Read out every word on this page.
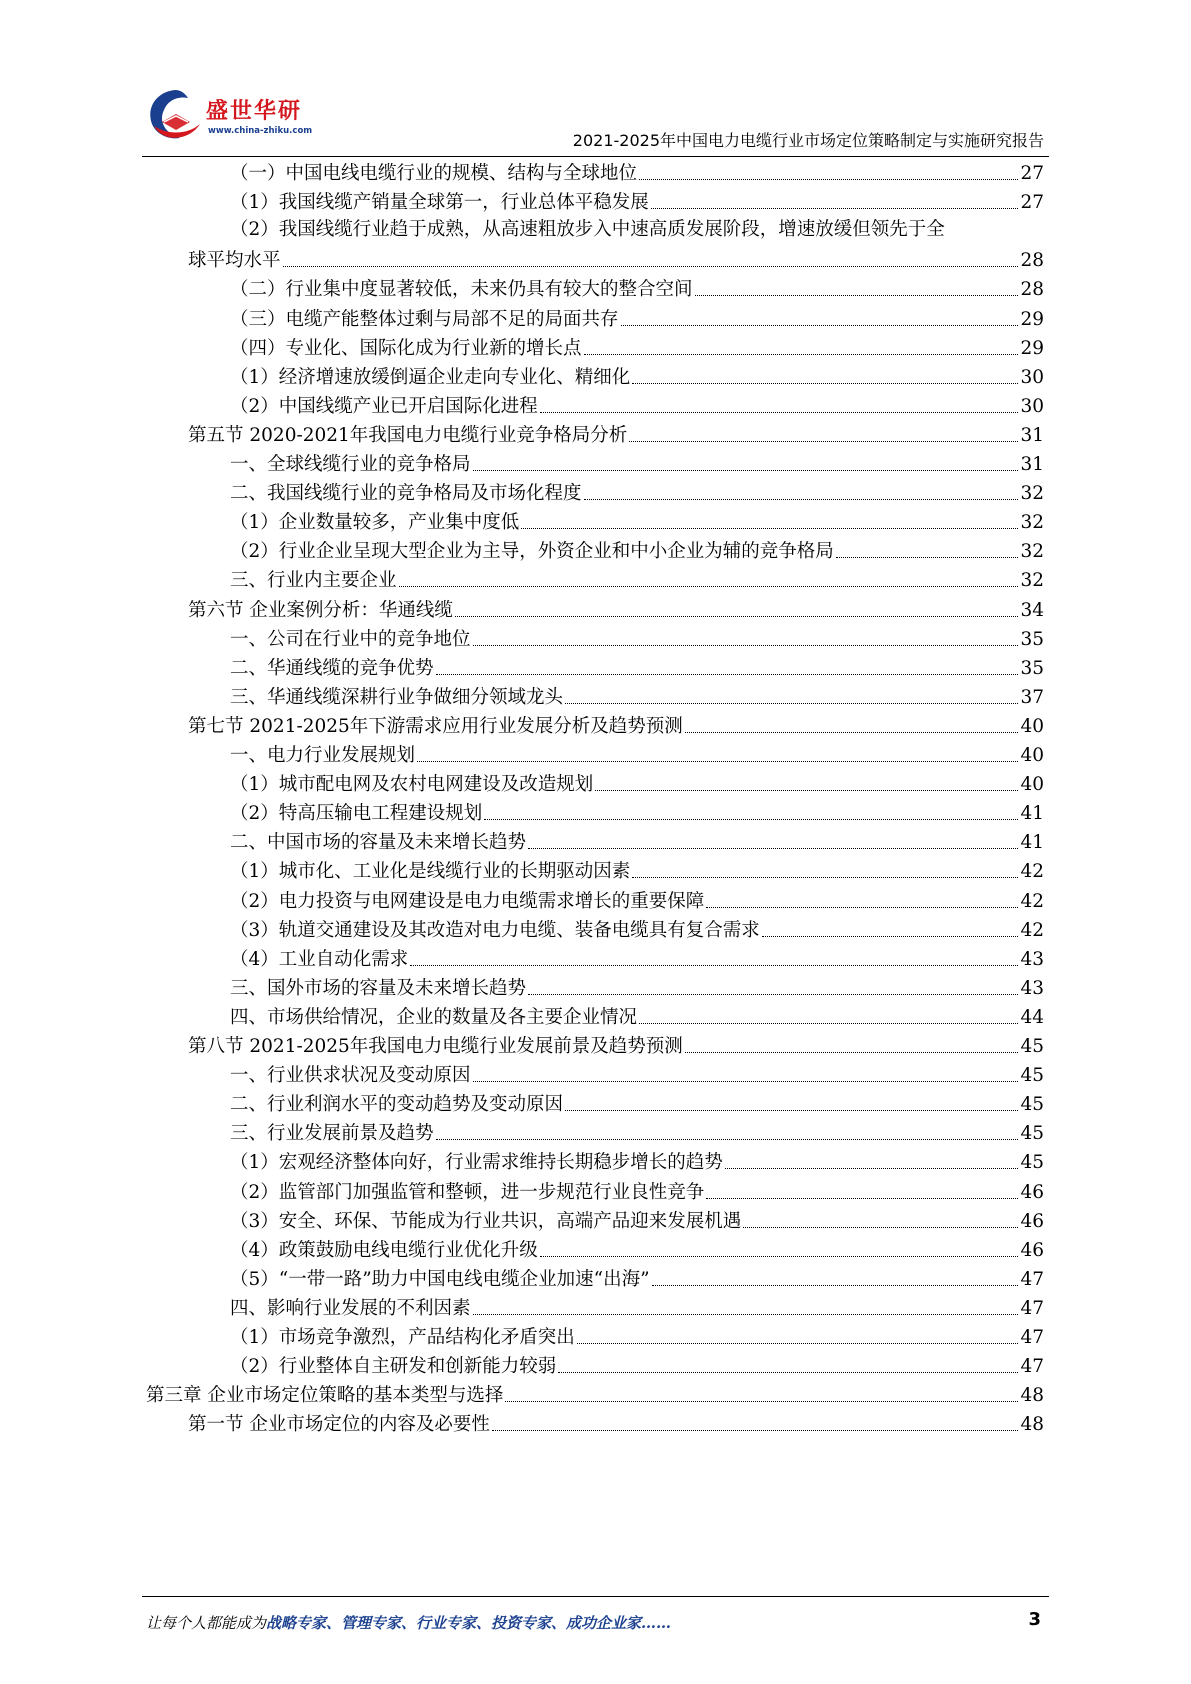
盛世华研
www.china-zhiku.com	2021-2025年中国电力电缆行业市场定位策略制定与实施研究报告
（一）中国电线电缆行业的规模、结构与全球地位	27
（1）我国线缆产销量全球第一，行业总体平稳发展	27
（2）我国线缆行业趋于成熟，从高速粗放步入中速高质发展阶段，增速放缓但领先于全
球平均水平	28
（二）行业集中度显著较低，未来仍具有较大的整合空间	28
（三）电缆产能整体过剩与局部不足的局面共存	29
（四）专业化、国际化成为行业新的增长点	29
（1）经济增速放缓倒逼企业走向专业化、精细化	30
（2）中国线缆产业已开启国际化进程	30
第五节 2020-2021年我国电力电缆行业竞争格局分析	31
一、全球线缆行业的竞争格局	31
二、我国线缆行业的竞争格局及市场化程度	32
（1）企业数量较多，产业集中度低	32
（2）行业企业呈现大型企业为主导，外资企业和中小企业为辅的竞争格局	32
三、行业内主要企业	32
第六节 企业案例分析：华通线缆	34
一、公司在行业中的竞争地位	35
二、华通线缆的竞争优势	35
三、华通线缆深耕行业争做细分领域龙头	37
第七节 2021-2025年下游需求应用行业发展分析及趋势预测	40
一、电力行业发展规划	40
（1）城市配电网及农村电网建设及改造规划	40
（2）特高压输电工程建设规划	41
二、中国市场的容量及未来增长趋势	41
（1）城市化、工业化是线缆行业的长期驱动因素	42
（2）电力投资与电网建设是电力电缆需求增长的重要保障	42
（3）轨道交通建设及其改造对电力电缆、装备电缆具有复合需求	42
（4）工业自动化需求	43
三、国外市场的容量及未来增长趋势	43
四、市场供给情况，企业的数量及各主要企业情况	44
第八节 2021-2025年我国电力电缆行业发展前景及趋势预测	45
一、行业供求状况及变动原因	45
二、行业利润水平的变动趋势及变动原因	45
三、行业发展前景及趋势	45
（1）宏观经济整体向好，行业需求维持长期稳步增长的趋势	45
（2）监管部门加强监管和整顿，进一步规范行业良性竞争	46
（3）安全、环保、节能成为行业共识，高端产品迎来发展机遇	46
（4）政策鼓励电线电缆行业优化升级	46
（5）“一带一路”助力中国电线电缆企业加速“出海”	47
四、影响行业发展的不利因素	47
（1）市场竞争激烈，产品结构化矛盾突出	47
（2）行业整体自主研发和创新能力较弱	47
第三章 企业市场定位策略的基本类型与选择	48
第一节 企业市场定位的内容及必要性	48
让每个人都能成为战略专家、管理专家、行业专家、投资专家、成功企业家……	3
